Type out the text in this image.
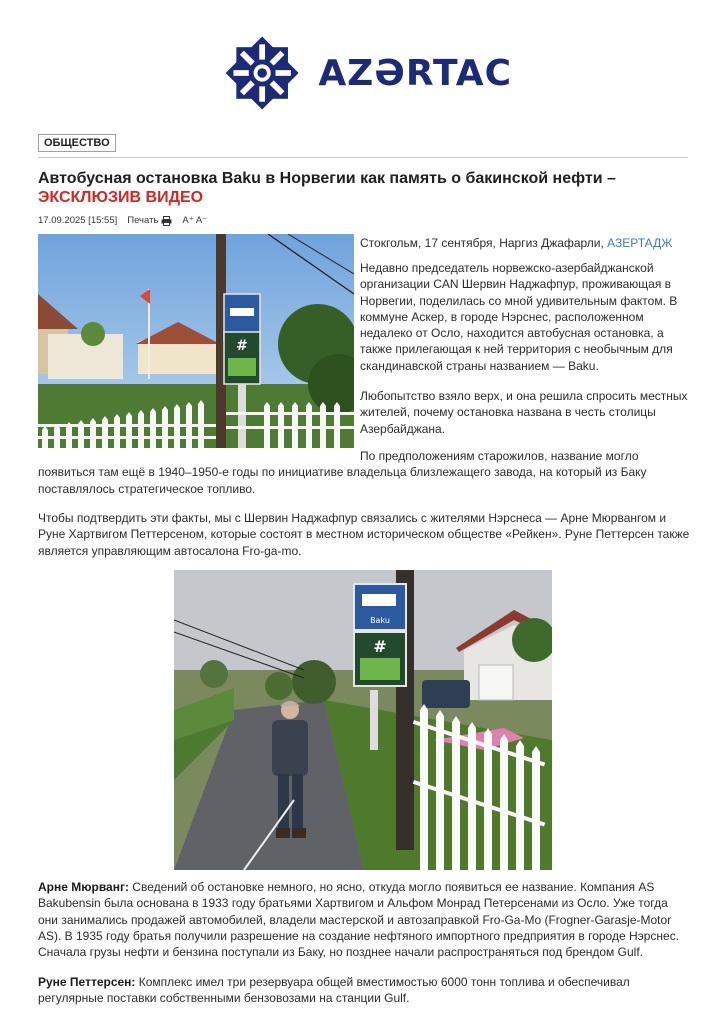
AZƏRTAC
ОБЩЕСТВО
Автобусная остановка Baku в Норвегии как память о бакинской нефти – ЭКСКЛЮЗИВ ВИДЕО
17.09.2025 [15:55] Печать	A⁺ A⁻
#

Стокгольм, 17 сентября, Наргиз Джафарли, АЗЕРТАДЖ

Недавно председатель норвежско-азербайджанской организации CAN Шервин Наджафпур, проживающая в Норвегии, поделилась со мной удивительным фактом. В коммуне Аскер, в городе Нэрснес, расположенном недалеко от Осло, находится автобусная остановка, а также прилегающая к ней территория с необычным для скандинавской страны названием — Baku.

Любопытство взяло верх, и она решила спросить местных жителей, почему остановка названа в честь столицы Азербайджана.

По предположениям старожилов, название могло появиться там ещё в 1940–1950-е годы по инициативе владельца близлежащего завода, на который из Баку поставлялось стратегическое топливо.

Чтобы подтвердить эти факты, мы с Шервин Наджафпур связались с жителями Нэрснеса — Арне Мюрвангом и Руне Хартвигом Петтерсеном, которые состоят в местном историческом обществе «Рейкен». Руне Петтерсен также является управляющим автосалона Fro-ga-mo.

Baku
#

Арне Мюрванг: Сведений об остановке немного, но ясно, откуда могло появиться ее название. Компания AS Bakubensin была основана в 1933 году братьями Хартвигом и Альфом Монрад Петерсенами из Осло. Уже тогда они занимались продажей автомобилей, владели мастерской и автозаправкой Fro-Ga-Mo (Frogner-Garasje-Motor AS). В 1935 году братья получили разрешение на создание нефтяного импортного предприятия в городе Нэрснес. Сначала грузы нефти и бензина поступали из Баку, но позднее начали распространяться под брендом Gulf.

Руне Петтерсен: Комплекс имел три резервуара общей вместимостью 6000 тонн топлива и обеспечивал регулярные поставки собственными бензовозами на станции Gulf.
